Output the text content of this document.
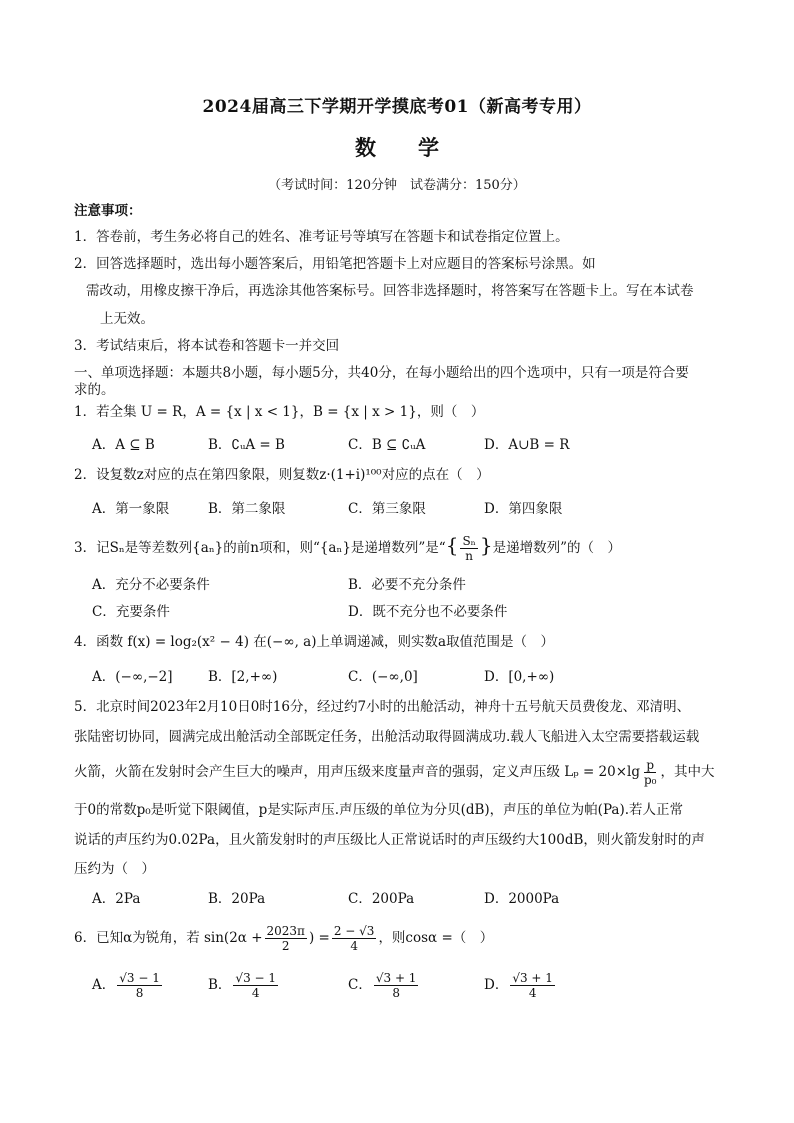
2024届高三下学期开学摸底考01（新高考专用）
数　　学
（考试时间：120分钟　试卷满分：150分）
注意事项：
1．答卷前，考生务必将自己的姓名、准考证号等填写在答题卡和试卷指定位置上。
2．回答选择题时，选出每小题答案后，用铅笔把答题卡上对应题目的答案标号涂黑。如
需改动，用橡皮擦干净后，再选涂其他答案标号。回答非选择题时，将答案写在答题卡上。写在本试卷
上无效。
3．考试结束后，将本试卷和答题卡一并交回
一、单项选择题：本题共8小题，每小题5分，共40分，在每小题给出的四个选项中，只有一项是符合要
求的。
1．若全集 U = R，A = {x | x < 1}，B = {x | x > 1}，则（　）
A．A ⊆ B	B．∁ᵤA = B	C．B ⊆ ∁ᵤA	D．A∪B = R
2．设复数z对应的点在第四象限，则复数z·(1+i)¹⁰⁰对应的点在（　）
A．第一象限	B．第二象限	C．第三象限	D．第四象限
3．记Sₙ是等差数列{aₙ}的前n项和，则“{aₙ}是递增数列”是“{ $\frac{\text{Sₙ}}{n}$ }是递增数列”的（　）
A．充分不必要条件	B．必要不充分条件
C．充要条件	D．既不充分也不必要条件
4．函数 f(x) = log₂(x² − 4) 在(−∞, a)上单调递减，则实数a取值范围是（　）
A．(−∞,−2]	B．[2,+∞)	C．(−∞,0]	D．[0,+∞)
5．北京时间2023年2月10日0时16分，经过约7小时的出舱活动，神舟十五号航天员费俊龙、邓清明、
张陆密切协同，圆满完成出舱活动全部既定任务，出舱活动取得圆满成功.载人飞船进入太空需要搭载运载
火箭，火箭在发射时会产生巨大的噪声，用声压级来度量声音的强弱，定义声压级 $L_p = 20\times\lg \frac{p}{\text{p₀}}$ ，其中大
于0的常数p₀是听觉下限阈值，p是实际声压.声压级的单位为分贝(dB)，声压的单位为帕(Pa).若人正常
说话的声压约为0.02Pa，且火箭发射时的声压级比人正常说话时的声压级约大100dB，则火箭发射时的声
压约为（　）
A．2Pa	B．20Pa	C．200Pa	D．2000Pa
6．已知α为锐角，若 $\sin(2\alpha + \frac{2023\pi}{2}$ ) = $\frac{2 - √3}{4}$ ，则cosα =（　）
A． $\frac{√3 - 1}{8}$	B． $\frac{√3 - 1}{4}$	C． $\frac{√3 + 1}{8}$	D． $\frac{√3 + 1}{4}$
